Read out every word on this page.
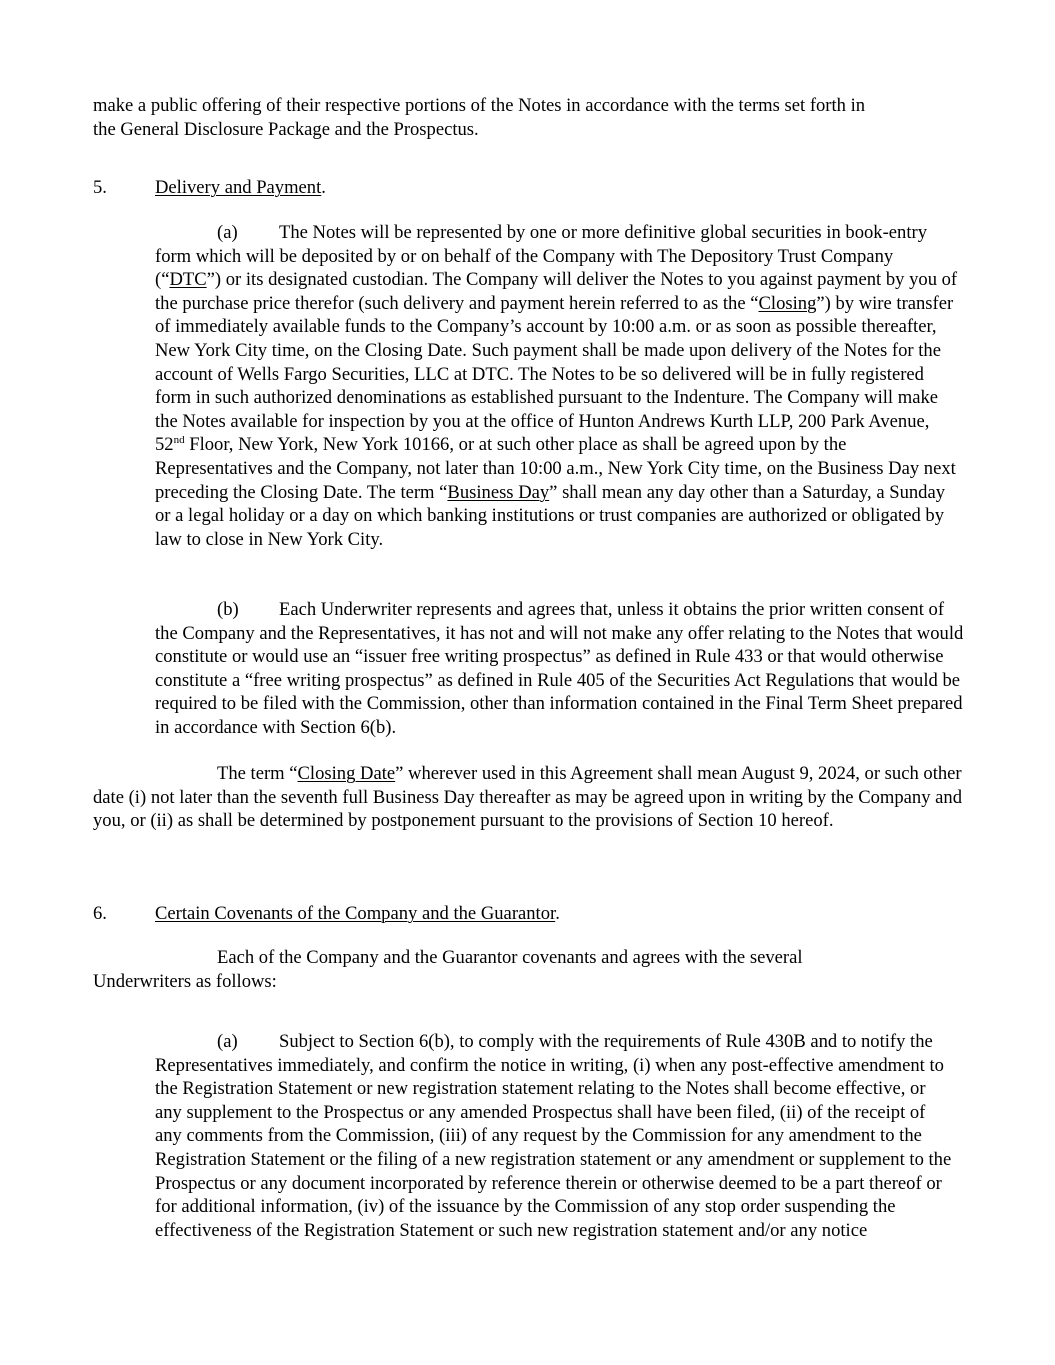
make a public offering of their respective portions of the Notes in accordance with the terms set forth in
the General Disclosure Package and the Prospectus.

5.	Delivery and Payment.

(a) The Notes will be represented by one or more definitive global securities in book-entry form which will be deposited by or on behalf of the Company with The Depository Trust Company (“DTC”) or its designated custodian. The Company will deliver the Notes to you against payment by you of the purchase price therefor (such delivery and payment herein referred to as the “Closing”) by wire transfer of immediately available funds to the Company’s account by 10:00 a.m. or as soon as possible thereafter, New York City time, on the Closing Date. Such payment shall be made upon delivery of the Notes for the account of Wells Fargo Securities, LLC at DTC. The Notes to be so delivered will be in fully registered form in such authorized denominations as established pursuant to the Indenture. The Company will make the Notes available for inspection by you at the office of Hunton Andrews Kurth LLP, 200 Park Avenue, 52nd Floor, New York, New York 10166, or at such other place as shall be agreed upon by the Representatives and the Company, not later than 10:00 a.m., New York City time, on the Business Day next preceding the Closing Date. The term “Business Day” shall mean any day other than a Saturday, a Sunday or a legal holiday or a day on which banking institutions or trust companies are authorized or obligated by law to close in New York City.

(b) Each Underwriter represents and agrees that, unless it obtains the prior written consent of the Company and the Representatives, it has not and will not make any offer relating to the Notes that would constitute or would use an “issuer free writing prospectus” as defined in Rule 433 or that would otherwise constitute a “free writing prospectus” as defined in Rule 405 of the Securities Act Regulations that would be required to be filed with the Commission, other than information contained in the Final Term Sheet prepared in accordance with Section 6(b).

The term “Closing Date” wherever used in this Agreement shall mean August 9, 2024, or such other date (i) not later than the seventh full Business Day thereafter as may be agreed upon in writing by the Company and you, or (ii) as shall be determined by postponement pursuant to the provisions of Section 10 hereof.

6.	Certain Covenants of the Company and the Guarantor.

Each of the Company and the Guarantor covenants and agrees with the several Underwriters as follows:

(a) Subject to Section 6(b), to comply with the requirements of Rule 430B and to notify the Representatives immediately, and confirm the notice in writing, (i) when any post-effective amendment to the Registration Statement or new registration statement relating to the Notes shall become effective, or any supplement to the Prospectus or any amended Prospectus shall have been filed, (ii) of the receipt of any comments from the Commission, (iii) of any request by the Commission for any amendment to the Registration Statement or the filing of a new registration statement or any amendment or supplement to the Prospectus or any document incorporated by reference therein or otherwise deemed to be a part thereof or for additional information, (iv) of the issuance by the Commission of any stop order suspending the effectiveness of the Registration Statement or such new registration statement and/or any notice
